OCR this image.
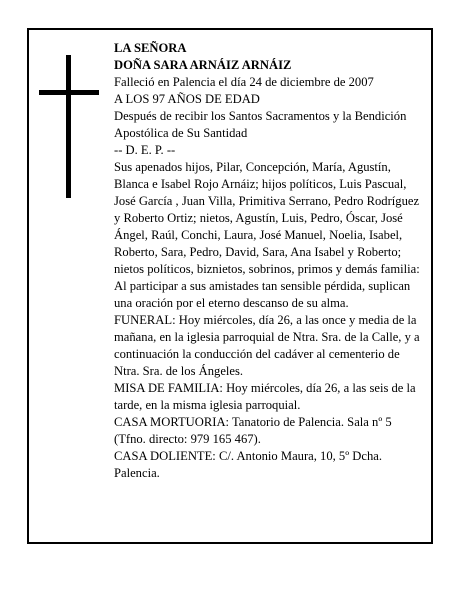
LA SEÑORA

DOÑA SARA ARNÁIZ ARNÁIZ

Falleció en Palencia el día 24 de diciembre de 2007

A LOS 97 AÑOS DE EDAD

Después de recibir los Santos Sacramentos y la Bendición Apostólica de Su Santidad

-- D. E. P. --

Sus apenados hijos, Pilar, Concepción, María, Agustín, Blanca e Isabel Rojo Arnáiz; hijos políticos, Luis Pascual, José García , Juan Villa, Primitiva Serrano, Pedro Rodríguez y Roberto Ortiz; nietos, Agustín, Luis, Pedro, Óscar, José Ángel, Raúl, Conchi, Laura, José Manuel, Noelia, Isabel, Roberto, Sara, Pedro, David, Sara, Ana Isabel y Roberto; nietos políticos, biznietos, sobrinos, primos y demás familia:

Al participar a sus amistades tan sensible pérdida, suplican una oración por el eterno descanso de su alma.

FUNERAL: Hoy miércoles, día 26, a las once y media de la mañana, en la iglesia parroquial de Ntra. Sra. de la Calle, y a continuación la conducción del cadáver al cementerio de Ntra. Sra. de los Ángeles.

MISA DE FAMILIA: Hoy miércoles, día 26, a las seis de la tarde, en la misma iglesia parroquial.

CASA MORTUORIA: Tanatorio de Palencia. Sala nº 5 (Tfno. directo: 979 165 467).

CASA DOLIENTE: C/. Antonio Maura, 10, 5º Dcha. Palencia.
